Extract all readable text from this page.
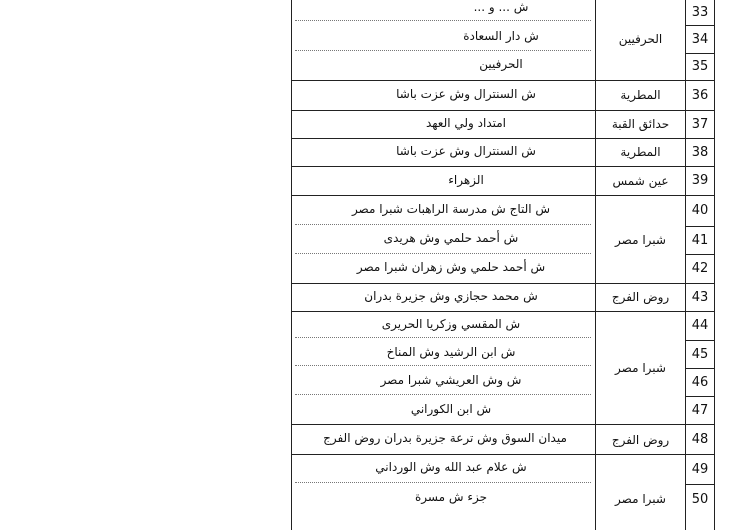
33
34
35
36
37
38
39
40
41
42
43
44
45
46
47
48
49
50
ش ... و ...
ش دار السعادة
الحرفيين
ش السنترال وش عزت باشا
امتداد ولي العهد
ش السنترال وش عزت باشا
الزهراء
ش التاج ش مدرسة الراهبات شبرا مصر
ش أحمد حلمي وش هريدى
ش أحمد حلمي وش زهران شبرا مصر
ش محمد حجازي وش جزيرة بدران
ش المقسي وزكريا الحريرى
ش ابن الرشيد وش المناخ
ش وش العريشي شبرا مصر
ش ابن الكوراني
ميدان السوق وش ترعة جزيرة بدران روض الفرج
ش علام عبد الله وش الورداني
جزء ش مسرة
الحرفيين
المطرية
حدائق القبة
المطرية
عين شمس
شبرا مصر
روض الفرج
شبرا مصر
روض الفرج
شبرا مصر
